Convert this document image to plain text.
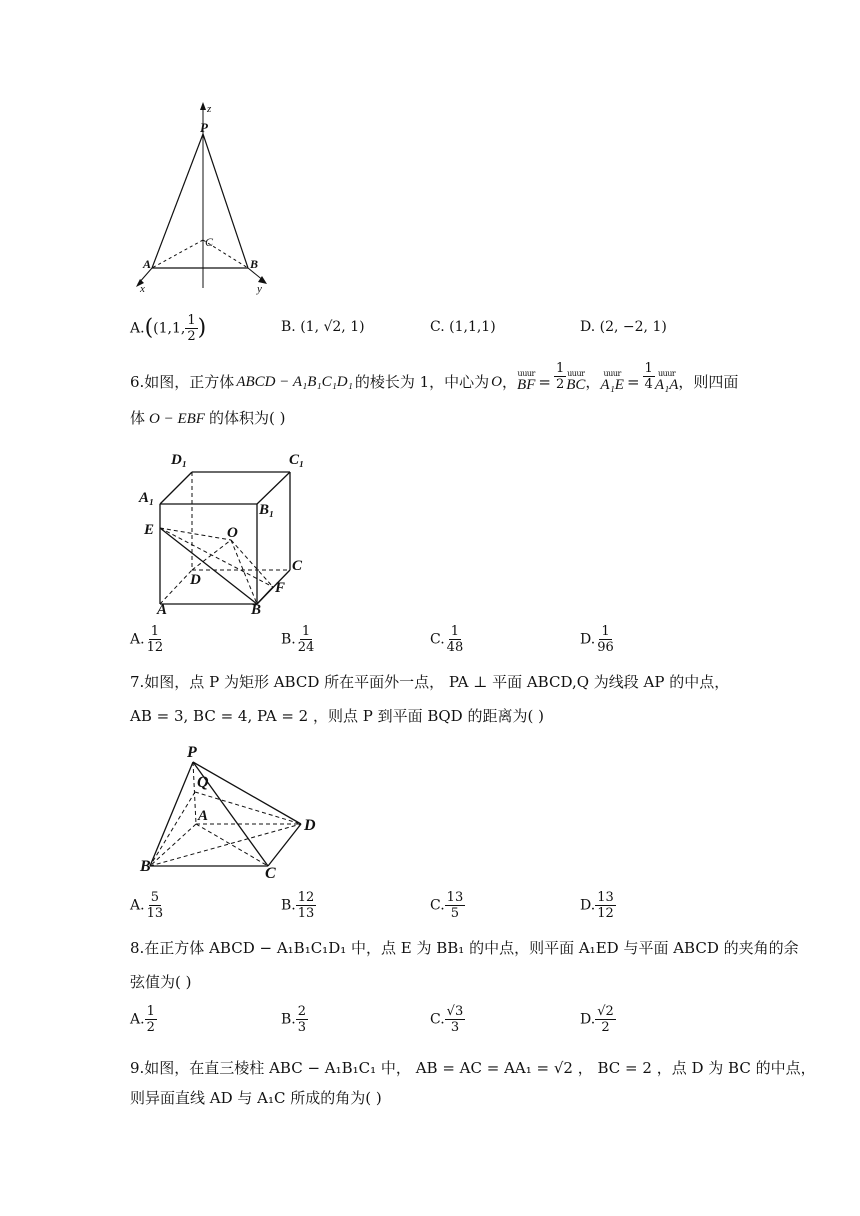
z
P
C
A	B
x	y
A.((1,1, $\frac{1}{2}$ )	B. (1, √2, 1)	C. (1,1,1)	D. (2, −2, 1)
6.如图，正方体 ABCD − A₁B₁C₁D₁ 的棱长为 1，中心为 O ， uuur
BF = $\frac{1}{2}$ uuur
BC ， uuur
$A_1E = \frac{1}{4}$ uuur
A₁A ，则四面
体 O − EBF 的体积为( )
D₁	C₁
A₁
B₁
E	O
C
D	F
A	B
A. $\frac{1}{12}$	B. $\frac{1}{24}$	C. $\frac{1}{48}$	D. $\frac{1}{96}$
7.如图，点 P 为矩形 ABCD 所在平面外一点， PA ⊥ 平面 ABCD,Q 为线段 AP 的中点，
AB = 3, BC = 4, PA = 2 ，则点 P 到平面 BQD 的距离为( )
P
Q
A
D
B	C
A. $\frac{5}{13}$	B. $\frac{12}{13}$	C. $\frac{13}{5}$	D. $\frac{13}{12}$
8.在正方体 ABCD − A₁B₁C₁D₁ 中，点 E 为 BB₁ 的中点，则平面 A₁ED 与平面 ABCD 的夹角的余
弦值为( )
A. $\frac{1}{2}$	B. $\frac{2}{3}$	C. $\frac{√3}{3}$	D. $\frac{√2}{2}$
9.如图，在直三棱柱 ABC − A₁B₁C₁ 中， AB = AC = AA₁ = √2 ， BC = 2 ，点 D 为 BC 的中点，
则异面直线 AD 与 A₁C 所成的角为( )
